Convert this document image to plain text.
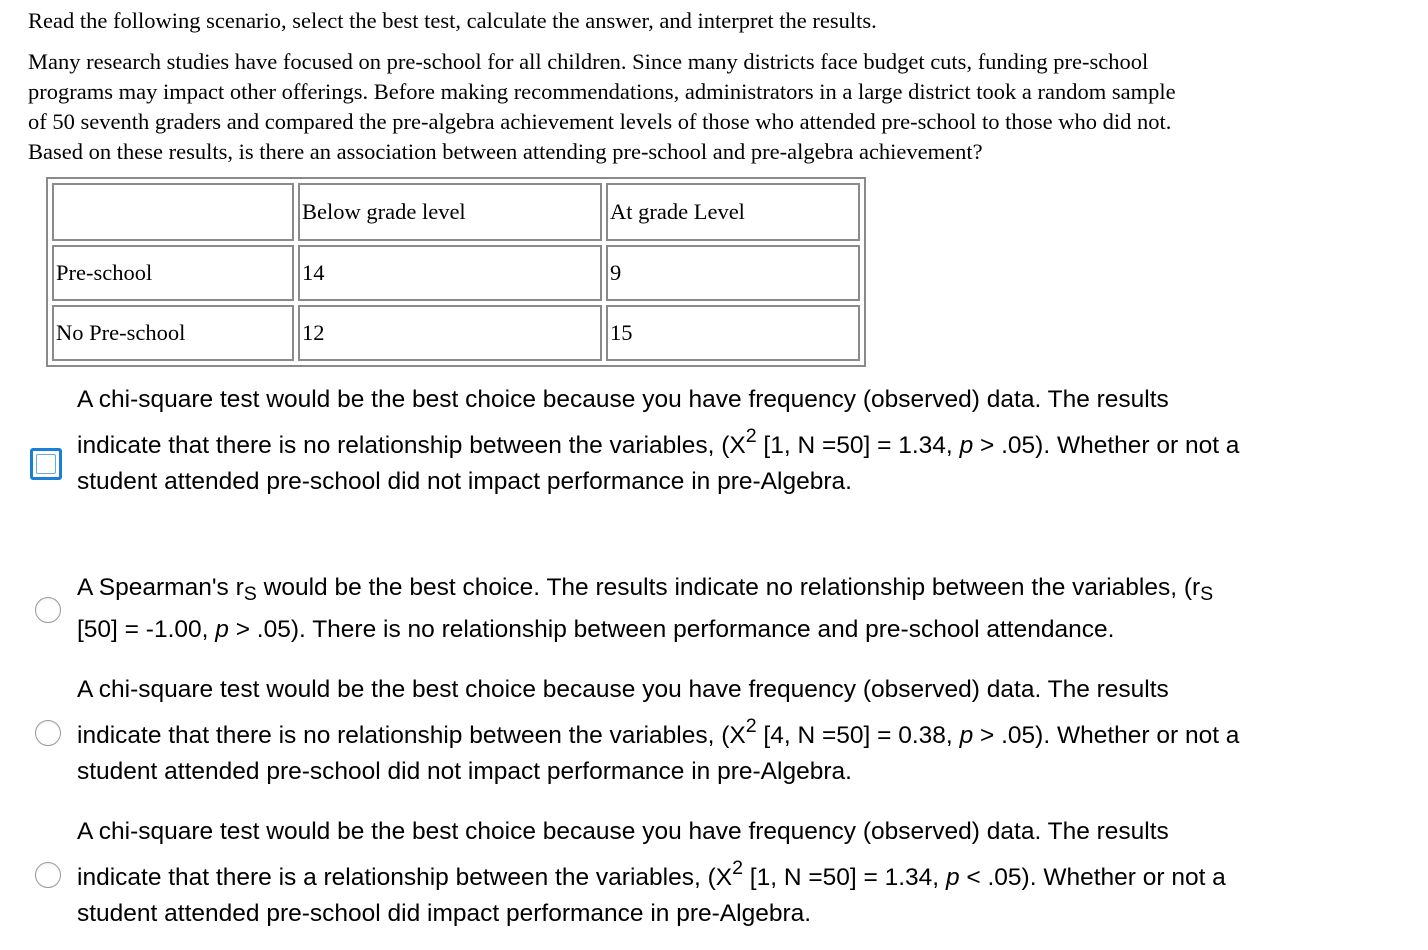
Read the following scenario, select the best test, calculate the answer, and interpret the results.
Many research studies have focused on pre-school for all children. Since many districts face budget cuts, funding pre-school
programs may impact other offerings. Before making recommendations, administrators in a large district took a random sample
of 50 seventh graders and compared the pre-algebra achievement levels of those who attended pre-school to those who did not.
Based on these results, is there an association between attending pre-school and pre-algebra achievement?
	Below grade level	At grade Level
Pre-school	14	9
No Pre-school	12	15
A chi-square test would be the best choice because you have frequency (observed) data. The results
indicate that there is no relationship between the variables, ($X^2$ [1, N =50] = 1.34, p > .05). Whether or not a
student attended pre-school did not impact performance in pre-Algebra.
A Spearman's $r_S$ would be the best choice. The results indicate no relationship between the variables, ($r_S$
[50] = -1.00, p > .05). There is no relationship between performance and pre-school attendance.
A chi-square test would be the best choice because you have frequency (observed) data. The results
indicate that there is no relationship between the variables, ($X^2$ [4, N =50] = 0.38, p > .05). Whether or not a
student attended pre-school did not impact performance in pre-Algebra.
A chi-square test would be the best choice because you have frequency (observed) data. The results
indicate that there is a relationship between the variables, ($X^2$ [1, N =50] = 1.34, p < .05). Whether or not a
student attended pre-school did impact performance in pre-Algebra.
